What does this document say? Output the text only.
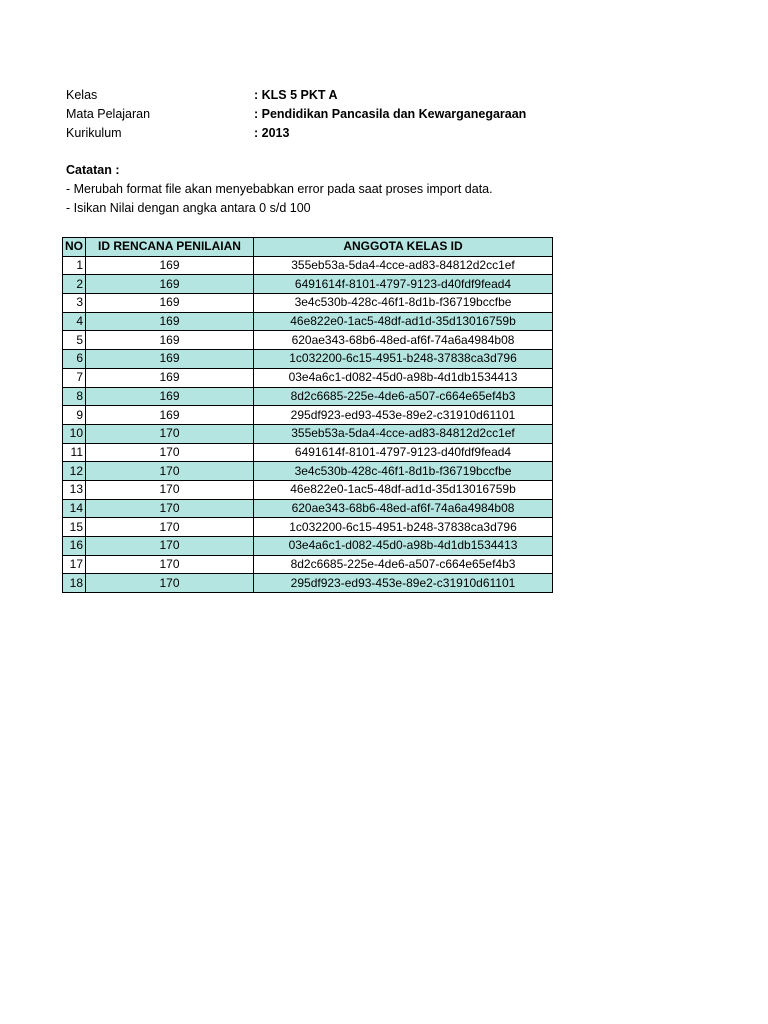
Kelas	: KLS 5 PKT A
Mata Pelajaran	: Pendidikan Pancasila dan Kewarganegaraan
Kurikulum	: 2013
Catatan :
- Merubah format file akan menyebabkan error pada saat proses import data.
- Isikan Nilai dengan angka antara 0 s/d 100
NO	ID RENCANA PENILAIAN	ANGGOTA KELAS ID
1	169	355eb53a-5da4-4cce-ad83-84812d2cc1ef
2	169	6491614f-8101-4797-9123-d40fdf9fead4
3	169	3e4c530b-428c-46f1-8d1b-f36719bccfbe
4	169	46e822e0-1ac5-48df-ad1d-35d13016759b
5	169	620ae343-68b6-48ed-af6f-74a6a4984b08
6	169	1c032200-6c15-4951-b248-37838ca3d796
7	169	03e4a6c1-d082-45d0-a98b-4d1db1534413
8	169	8d2c6685-225e-4de6-a507-c664e65ef4b3
9	169	295df923-ed93-453e-89e2-c31910d61101
10	170	355eb53a-5da4-4cce-ad83-84812d2cc1ef
11	170	6491614f-8101-4797-9123-d40fdf9fead4
12	170	3e4c530b-428c-46f1-8d1b-f36719bccfbe
13	170	46e822e0-1ac5-48df-ad1d-35d13016759b
14	170	620ae343-68b6-48ed-af6f-74a6a4984b08
15	170	1c032200-6c15-4951-b248-37838ca3d796
16	170	03e4a6c1-d082-45d0-a98b-4d1db1534413
17	170	8d2c6685-225e-4de6-a507-c664e65ef4b3
18	170	295df923-ed93-453e-89e2-c31910d61101
